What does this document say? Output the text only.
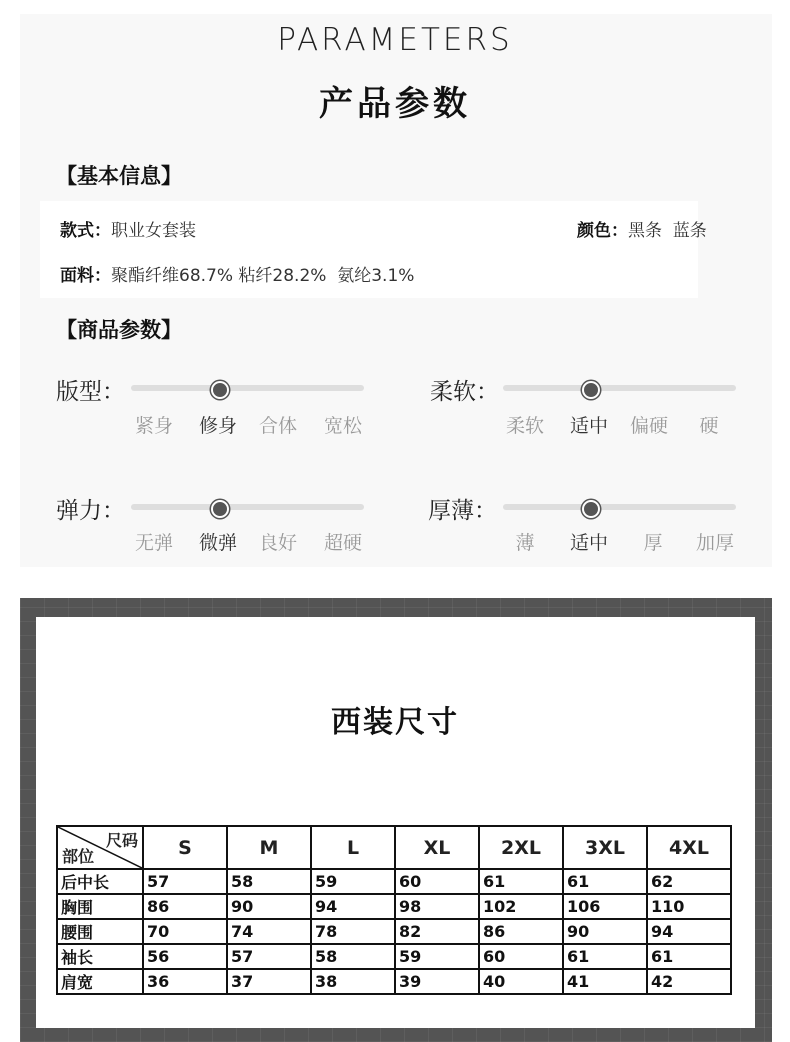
PARAMETERS
产品参数
【基本信息】
款式：职业女套装	颜色：黑条  蓝条
面料：聚酯纤维68.7% 粘纤28.2%  氨纶3.1%
【商品参数】
版型：
紧身 修身 合体 宽松
柔软：
柔软 适中 偏硬 硬
弹力：
无弹 微弹 良好 超硬
厚薄：
薄 适中 厚 加厚
西装尺寸
尺码
部位	S	M	L	XL	2XL	3XL	4XL
后中长	57	58	59	60	61	61	62
胸围	86	90	94	98	102	106	110
腰围	70	74	78	82	86	90	94
袖长	56	57	58	59	60	61	61
肩宽	36	37	38	39	40	41	42
